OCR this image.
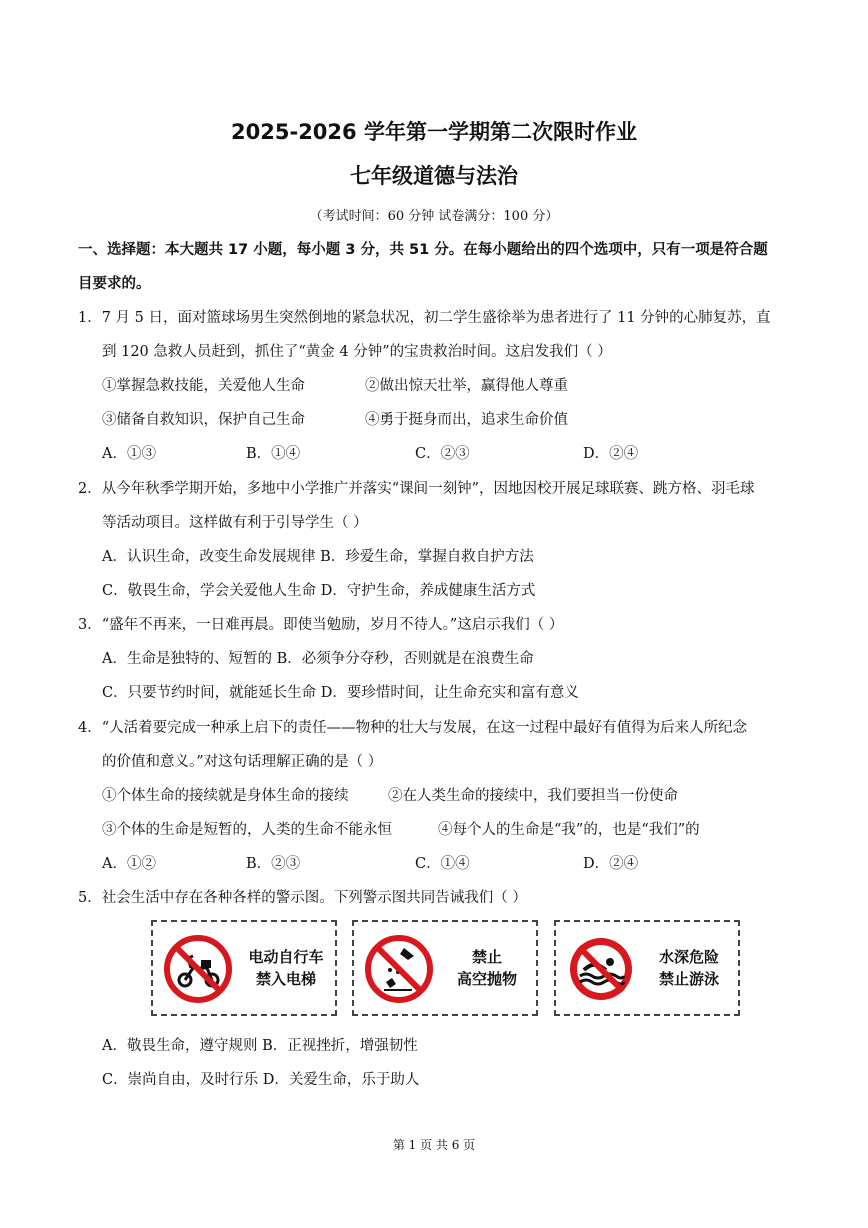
2025-2026 学年第一学期第二次限时作业
七年级道德与法治
（考试时间：60 分钟 试卷满分：100 分）
一、选择题：本大题共 17 小题，每小题 3 分，共 51 分。在每小题给出的四个选项中，只有一项是符合题
目要求的。
1．7 月 5 日，面对篮球场男生突然倒地的紧急状况，初二学生盛徐举为患者进行了 11 分钟的心肺复苏，直
到 120 急救人员赶到，抓住了“黄金 4 分钟”的宝贵救治时间。这启发我们（ ）
①掌握急救技能，关爱他人生命	②做出惊天壮举，赢得他人尊重
③储备自救知识，保护自己生命	④勇于挺身而出，追求生命价值
A．①③	B．①④	C．②③	D．②④
2．从今年秋季学期开始，多地中小学推广并落实“课间一刻钟”，因地因校开展足球联赛、跳方格、羽毛球
等活动项目。这样做有利于引导学生（ ）
A．认识生命，改变生命发展规律 B．珍爱生命，掌握自救自护方法
C．敬畏生命，学会关爱他人生命 D．守护生命，养成健康生活方式
3．“盛年不再来，一日难再晨。即使当勉励，岁月不待人。”这启示我们（ ）
A．生命是独特的、短暂的 B．必须争分夺秒，否则就是在浪费生命
C．只要节约时间，就能延长生命 D．要珍惜时间，让生命充实和富有意义
4．“人活着要完成一种承上启下的责任——物种的壮大与发展，在这一过程中最好有值得为后来人所纪念
的价值和意义。”对这句话理解正确的是（ ）
①个体生命的接续就是身体生命的接续	②在人类生命的接续中，我们要担当一份使命
③个体的生命是短暂的，人类的生命不能永恒	④每个人的生命是“我”的，也是“我们”的
A．①②	B．②③	C．①④	D．②④
5．社会生活中存在各种各样的警示图。下列警示图共同告诫我们（ ）
电动自行车
禁入电梯
禁止
高空抛物
水深危险
禁止游泳
A．敬畏生命，遵守规则 B．正视挫折，增强韧性
C．崇尚自由，及时行乐 D．关爱生命，乐于助人
第 1 页 共 6 页
